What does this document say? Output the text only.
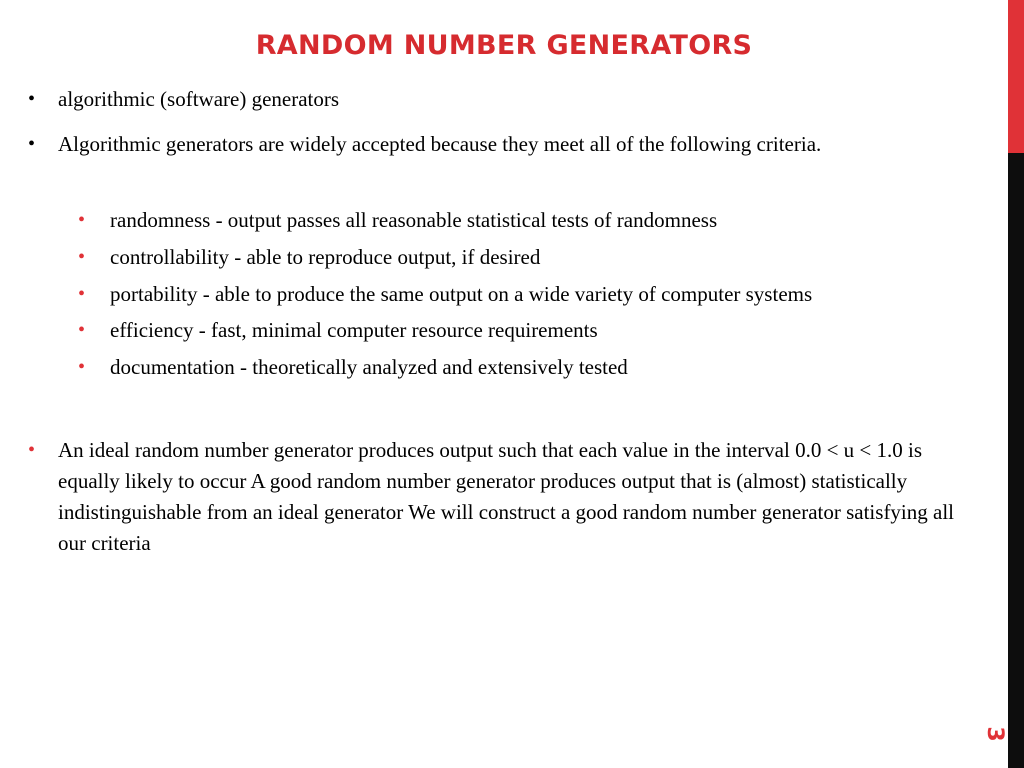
RANDOM NUMBER GENERATORS
•	algorithmic (software) generators
•	Algorithmic generators are widely accepted because they meet all of the following criteria.
•	randomness - output passes all reasonable statistical tests of randomness
•	controllability - able to reproduce output, if desired
•	portability - able to produce the same output on a wide variety of computer systems
•	efficiency - fast, minimal computer resource requirements
•	documentation - theoretically analyzed and extensively tested
•	An ideal random number generator produces output such that each value in the interval 0.0 < u < 1.0 is equally likely to occur A good random number generator produces output that is (almost) statistically indistinguishable from an ideal generator We will construct a good random number generator satisfying all our criteria
3
